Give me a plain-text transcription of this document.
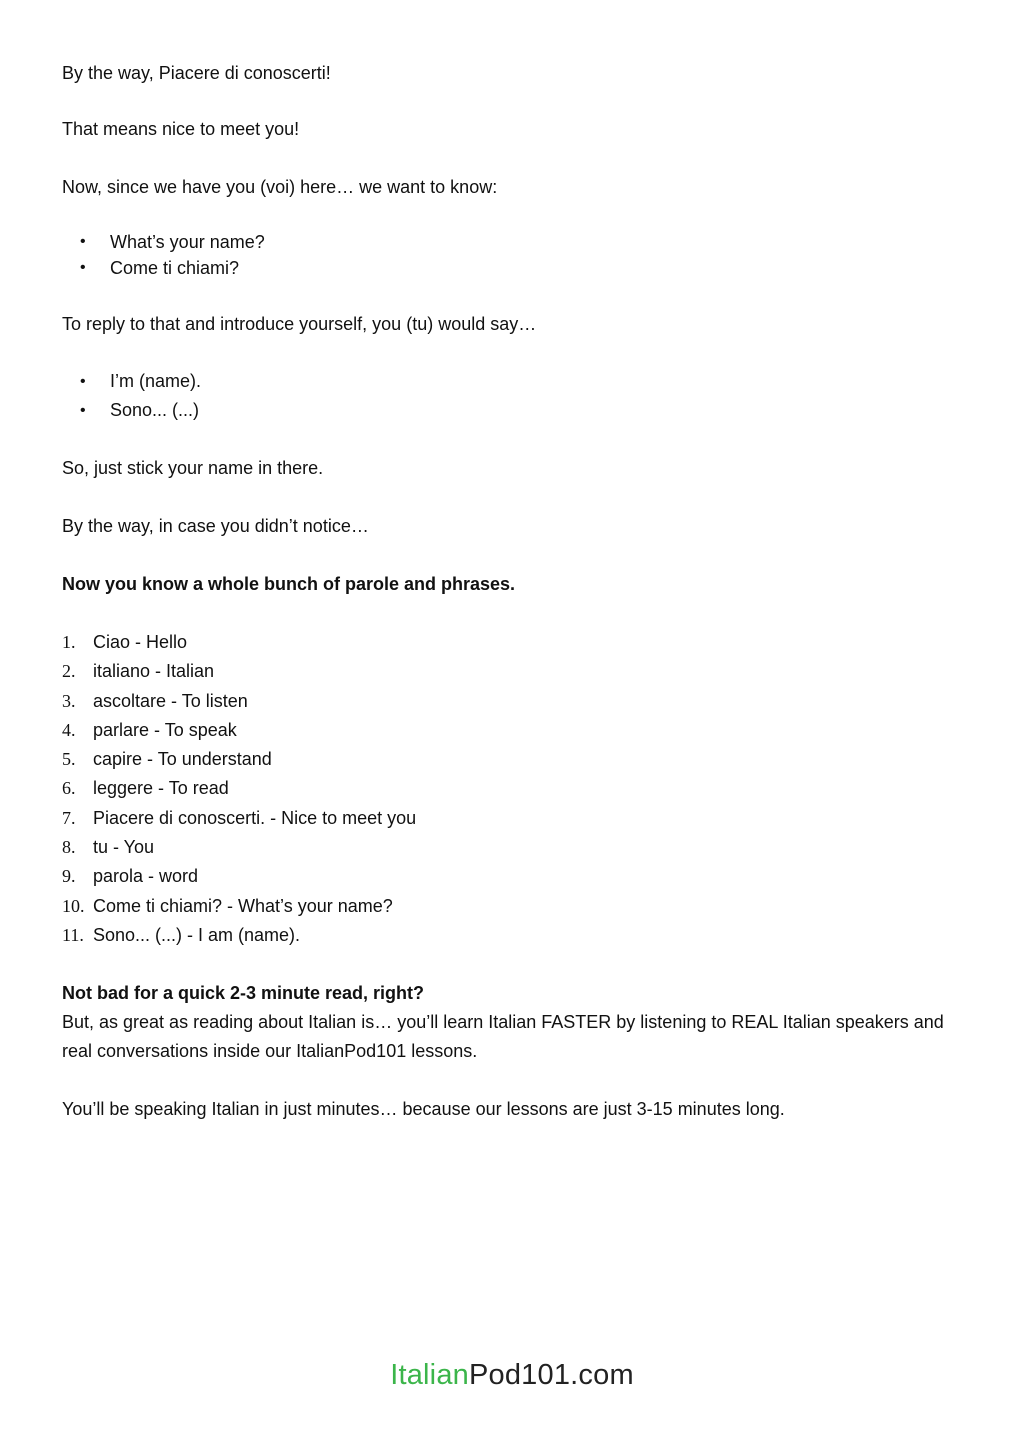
By the way, Piacere di conoscerti!

That means nice to meet you!

Now, since we have you (voi) here… we want to know:

• What’s your name?
• Come ti chiami?

To reply to that and introduce yourself, you (tu) would say…

• I’m (name).
• Sono... (...)

So, just stick your name in there.

By the way, in case you didn’t notice…

Now you know a whole bunch of parole and phrases.

1. Ciao - Hello
2. italiano - Italian
3. ascoltare - To listen
4. parlare - To speak
5. capire - To understand
6. leggere - To read
7. Piacere di conoscerti. - Nice to meet you
8. tu - You
9. parola - word
10. Come ti chiami? - What’s your name?
11. Sono... (...) - I am (name).

Not bad for a quick 2-3 minute read, right?

But, as great as reading about Italian is… you’ll learn Italian FASTER by listening to REAL Italian speakers and real conversations inside our ItalianPod101 lessons.

You’ll be speaking Italian in just minutes… because our lessons are just 3-15 minutes long.

ItalianPod101.com
